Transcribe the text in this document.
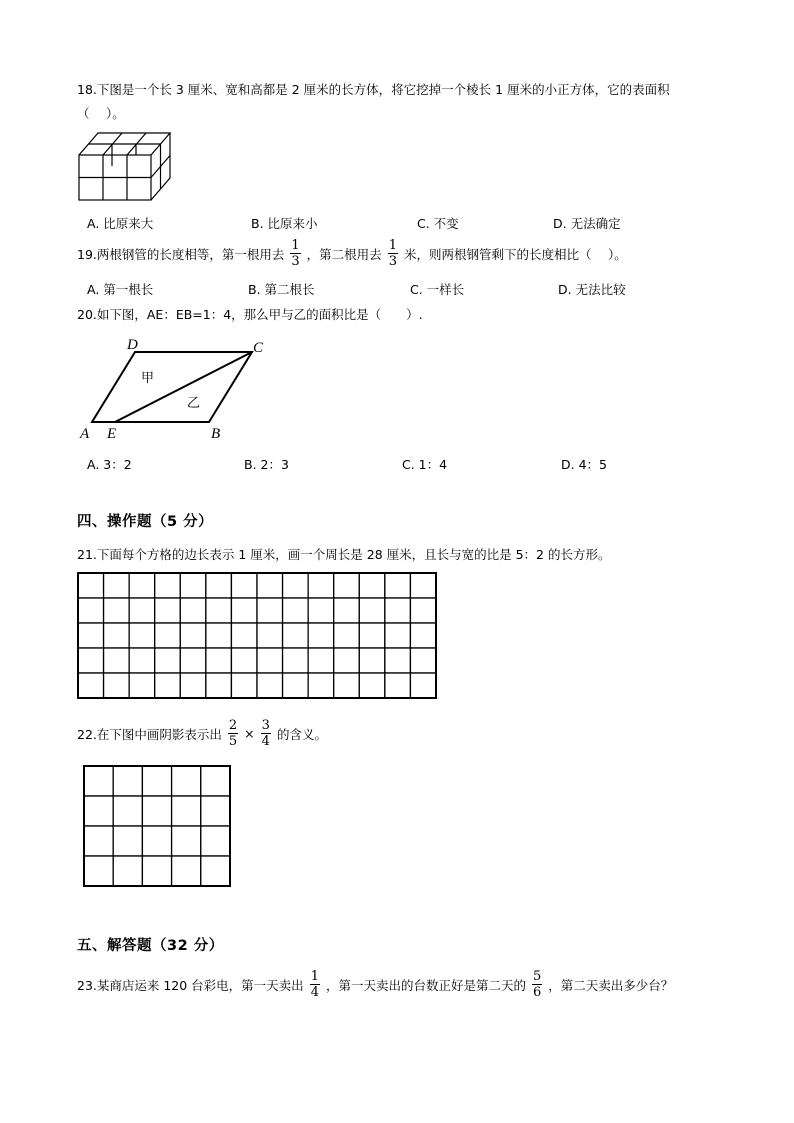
18.下图是一个长 3 厘米、宽和高都是 2 厘米的长方体，将它挖掉一个棱长 1 厘米的小正方体，它的表面积
（　 ）。
A. 比原来大	B. 比原来小	C. 不变	D. 无法确定
19.两根钢管的长度相等，第一根用去 $\frac{1}{3}$ ，第二根用去 $\frac{1}{3}$ 米，则两根钢管剩下的长度相比（　 ）。
A. 第一根长	B. 第二根长	C. 一样长	D. 无法比较
20.如下图，AE：EB=1：4，那么甲与乙的面积比是（　　）.
D	C
A E	B
甲
乙
A. 3：2	B. 2：3	C. 1：4	D. 4：5
四、操作题（5 分）
21.下面每个方格的边长表示 1 厘米，画一个周长是 28 厘米，且长与宽的比是 5：2 的长方形。
22.在下图中画阴影表示出 $\frac{2}{5} \times \frac{3}{4}$ 的含义。
五、解答题（32 分）
23.某商店运来 120 台彩电，第一天卖出 $\frac{1}{4}$ ，第一天卖出的台数正好是第二天的 $\frac{5}{6}$ ，第二天卖出多少台？
